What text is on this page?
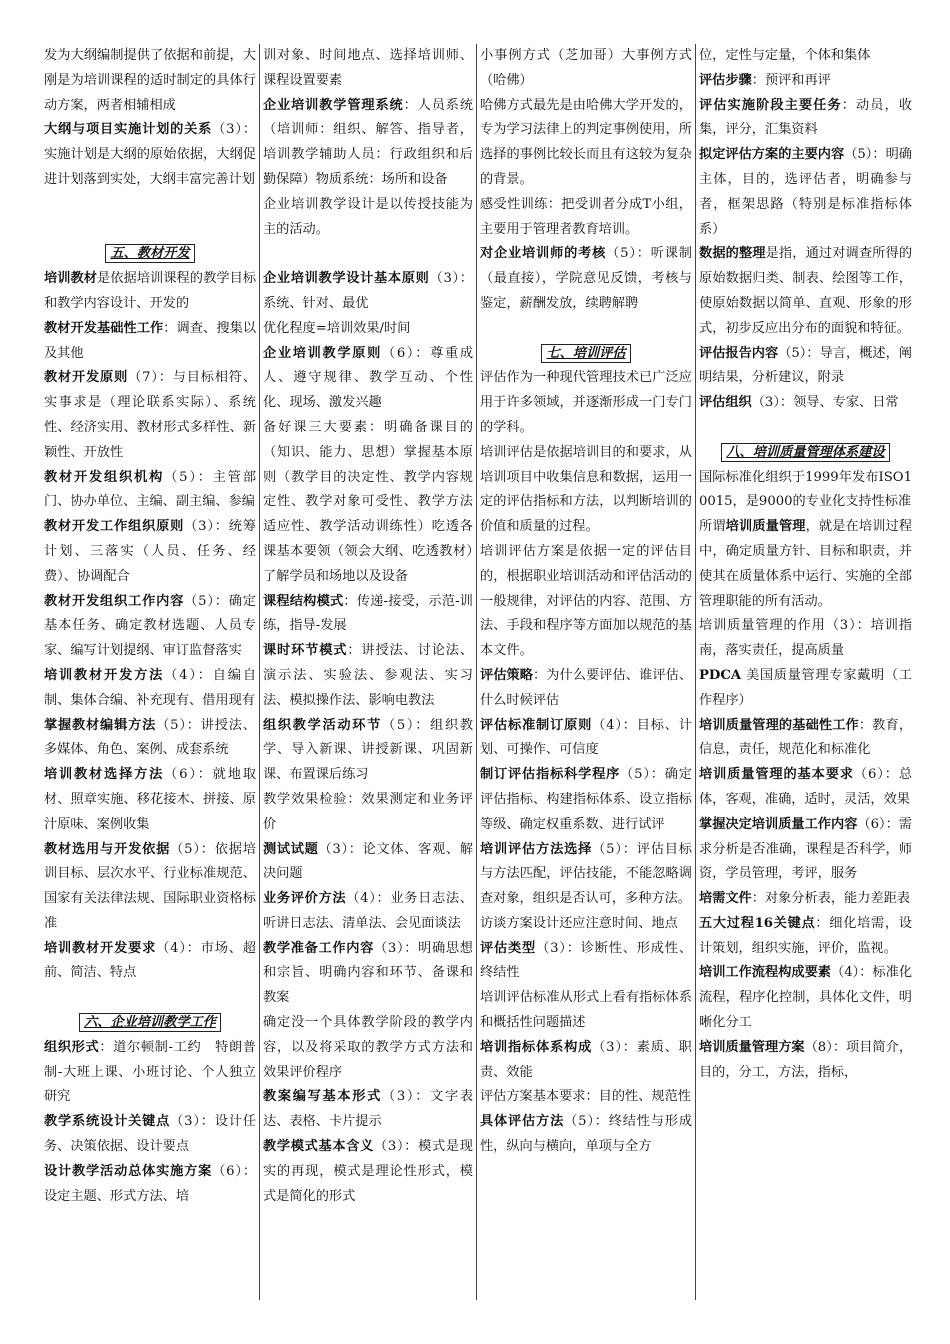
发为大纲编制提供了依据和前提，大刚是为培训课程的适时制定的具体行动方案，两者相辅相成

大纲与项目实施计划的关系（3）：实施计划是大纲的原始依据，大纲促进计划落到实处，大纲丰富完善计划

五、教材开发

培训教材是依据培训课程的教学目标和教学内容设计、开发的

教材开发基础性工作：调查、搜集以及其他

教材开发原则（7）：与目标相符、实事求是（理论联系实际）、系统性、经济实用、教材形式多样性、新颖性、开放性

教材开发组织机构（5）：主管部门、协办单位、主编、副主编、参编

教材开发工作组织原则（3）：统筹计划、三落实（人员、任务、经费）、协调配合

教材开发组织工作内容（5）：确定基本任务、确定教材选题、人员专家、编写计划提纲、审订监督落实

培训教材开发方法（4）：自编自制、集体合编、补充现有、借用现有

掌握教材编辑方法（5）：讲授法、多媒体、角色、案例、成套系统

培训教材选择方法（6）：就地取材、照章实施、移花接木、拼接、原汁原味、案例收集

教材选用与开发依据（5）：依据培训目标、层次水平、行业标准规范、国家有关法律法规、国际职业资格标准

培训教材开发要求（4）：市场、超前、简洁、特点

六、企业培训教学工作

组织形式：道尔顿制-工约　特朗普制-大班上课、小班讨论、个人独立研究

教学系统设计关键点（3）：设计任务、决策依据、设计要点

设计教学活动总体实施方案（6）：设定主题、形式方法、培

训对象、时间地点、选择培训师、课程设置要素

企业培训教学管理系统：人员系统（培训师：组织、解答、指导者，培训教学辅助人员：行政组织和后勤保障）物质系统：场所和设备

企业培训教学设计是以传授技能为主的活动。

企业培训教学设计基本原则（3）：系统、针对、最优

优化程度=培训效果/时间

企业培训教学原则（6）：尊重成人、遵守规律、教学互动、个性化、现场、激发兴趣

备好课三大要素：明确备课目的（知识、能力、思想）掌握基本原则（教学目的决定性、教学内容规定性、教学对象可受性、教学方法适应性、教学活动训练性）吃透各课基本要领（领会大纲、吃透教材）了解学员和场地以及设备

课程结构模式：传递-接受，示范-训练，指导-发展

课时环节模式：讲授法、讨论法、演示法、实验法、参观法、实习法、模拟操作法、影响电教法

组织教学活动环节（5）：组织教学、导入新课、讲授新课、巩固新课、布置课后练习

教学效果检验：效果测定和业务评价

测试试题（3）：论文体、客观、解决问题

业务评价方法（4）：业务日志法、听讲日志法、清单法、会见面谈法

教学准备工作内容（3）：明确思想和宗旨、明确内容和环节、备课和教案

确定没一个具体教学阶段的教学内容，以及将采取的教学方式方法和效果评价程序

教案编写基本形式（3）：文字表达、表格、卡片提示

教学模式基本含义（3）：模式是现实的再现，模式是理论性形式，模式是简化的形式

小事例方式（芝加哥）大事例方式（哈佛）

哈佛方式最先是由哈佛大学开发的，专为学习法律上的判定事例使用，所选择的事例比较长而且有这较为复杂的背景。

感受性训练：把受训者分成T小组，主要用于管理者教育培训。

对企业培训师的考核（5）：听课制（最直接），学院意见反馈，考核与鉴定，薪酬发放，续聘解聘

七、培训评估

评估作为一种现代管理技术已广泛应用于许多领域，并逐渐形成一门专门的学科。

培训评估是依据培训目的和要求，从培训项目中收集信息和数据，运用一定的评估指标和方法，以判断培训的价值和质量的过程。

培训评估方案是依据一定的评估目的，根据职业培训活动和评估活动的一般规律，对评估的内容、范围、方法、手段和程序等方面加以规范的基本文件。

评估策略：为什么要评估、谁评估、什么时候评估

评估标准制订原则（4）：目标、计划、可操作、可信度

制订评估指标科学程序（5）：确定评估指标、构建指标体系、设立指标等级、确定权重系数、进行试评

培训评估方法选择（5）：评估目标与方法匹配，评估技能，不能忽略调查对象，组织是否认可，多种方法。

访谈方案设计还应注意时间、地点

评估类型（3）：诊断性、形成性、终结性

培训评估标准从形式上看有指标体系和概括性问题描述

培训指标体系构成（3）：素质、职责、效能

评估方案基本要求：目的性、规范性

具体评估方法（5）：终结性与形成性，纵向与横向，单项与全方

位，定性与定量，个体和集体

评估步骤：预评和再评

评估实施阶段主要任务：动员，收集，评分，汇集资料

拟定评估方案的主要内容（5）：明确主体，目的，选评估者，明确参与者，框架思路（特别是标准指标体系）

数据的整理是指，通过对调查所得的原始数据归类、制表、绘图等工作，使原始数据以简单、直观、形象的形式，初步反应出分布的面貌和特征。

评估报告内容（5）：导言，概述，阐明结果，分析建议，附录

评估组织（3）：领导、专家、日常

八、培训质量管理体系建设

国际标准化组织于1999年发布ISO10015，是9000的专业化支持性标准

所谓培训质量管理，就是在培训过程中，确定质量方针、目标和职责，并使其在质量体系中运行、实施的全部管理职能的所有活动。

培训质量管理的作用（3）：培训指南，落实责任，提高质量

PDCA 美国质量管理专家戴明（工作程序）

培训质量管理的基础性工作：教育，信息，责任，规范化和标准化

培训质量管理的基本要求（6）：总体，客观，准确，适时，灵活，效果

掌握决定培训质量工作内容（6）：需求分析是否准确，课程是否科学，师资，学员管理，考评，服务

培需文件：对象分析表，能力差距表

五大过程16关键点：细化培需，设计策划，组织实施，评价，监视。

培训工作流程构成要素（4）：标准化流程，程序化控制，具体化文件，明晰化分工

培训质量管理方案（8）：项目简介，目的，分工，方法，指标，
